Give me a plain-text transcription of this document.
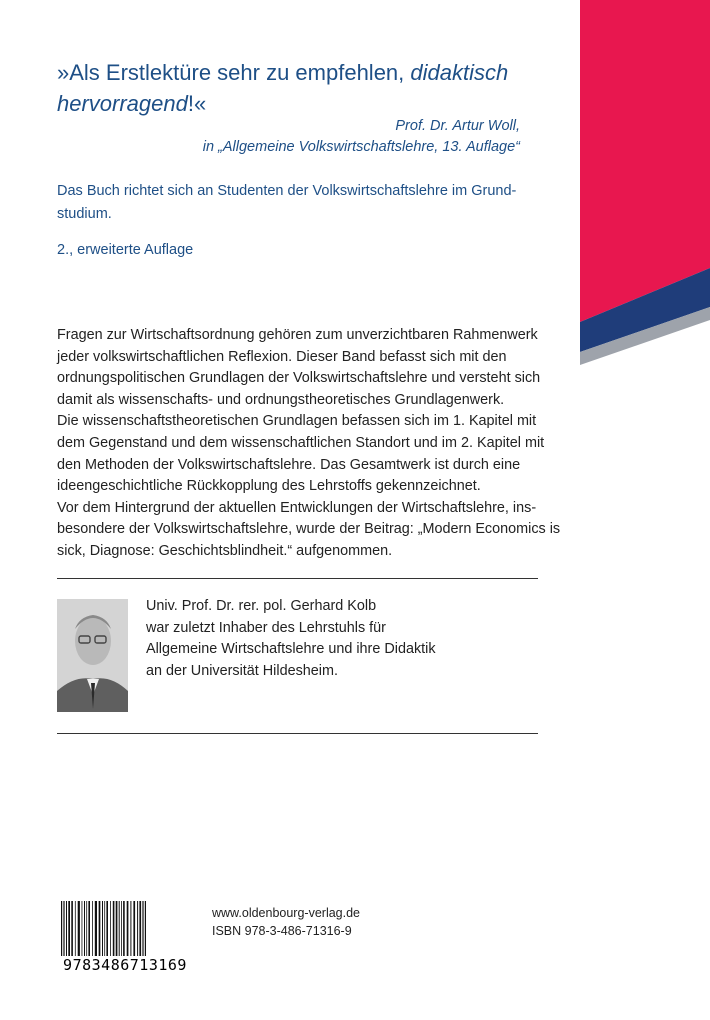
»Als Erstlektüre sehr zu empfehlen, didaktisch hervorragend!«

Prof. Dr. Artur Woll,
in „Allgemeine Volkswirtschaftslehre, 13. Auflage“

Das Buch richtet sich an Studenten der Volkswirtschaftslehre im Grund-studium.

2., erweiterte Auflage

Fragen zur Wirtschaftsordnung gehören zum unverzichtbaren Rahmenwerk
jeder volkswirtschaftlichen Reflexion. Dieser Band befasst sich mit den
ordnungspolitischen Grundlagen der Volkswirtschaftslehre und versteht sich
damit als wissenschafts- und ordnungstheoretisches Grundlagenwerk.
Die wissenschaftstheoretischen Grundlagen befassen sich im 1. Kapitel mit
dem Gegenstand und dem wissenschaftlichen Standort und im 2. Kapitel mit
den Methoden der Volkswirtschaftslehre. Das Gesamtwerk ist durch eine
ideengeschichtliche Rückkopplung des Lehrstoffs gekennzeichnet.
Vor dem Hintergrund der aktuellen Entwicklungen der Wirtschaftslehre, ins-
besondere der Volkswirtschaftslehre, wurde der Beitrag: „Modern Economics is
sick, Diagnose: Geschichtsblindheit.“ aufgenommen.
Univ. Prof. Dr. rer. pol. Gerhard Kolb
war zuletzt Inhaber des Lehrstuhls für
Allgemeine Wirtschaftslehre und ihre Didaktik
an der Universität Hildesheim.
9783486713169
www.oldenbourg-verlag.de
ISBN 978-3-486-71316-9
